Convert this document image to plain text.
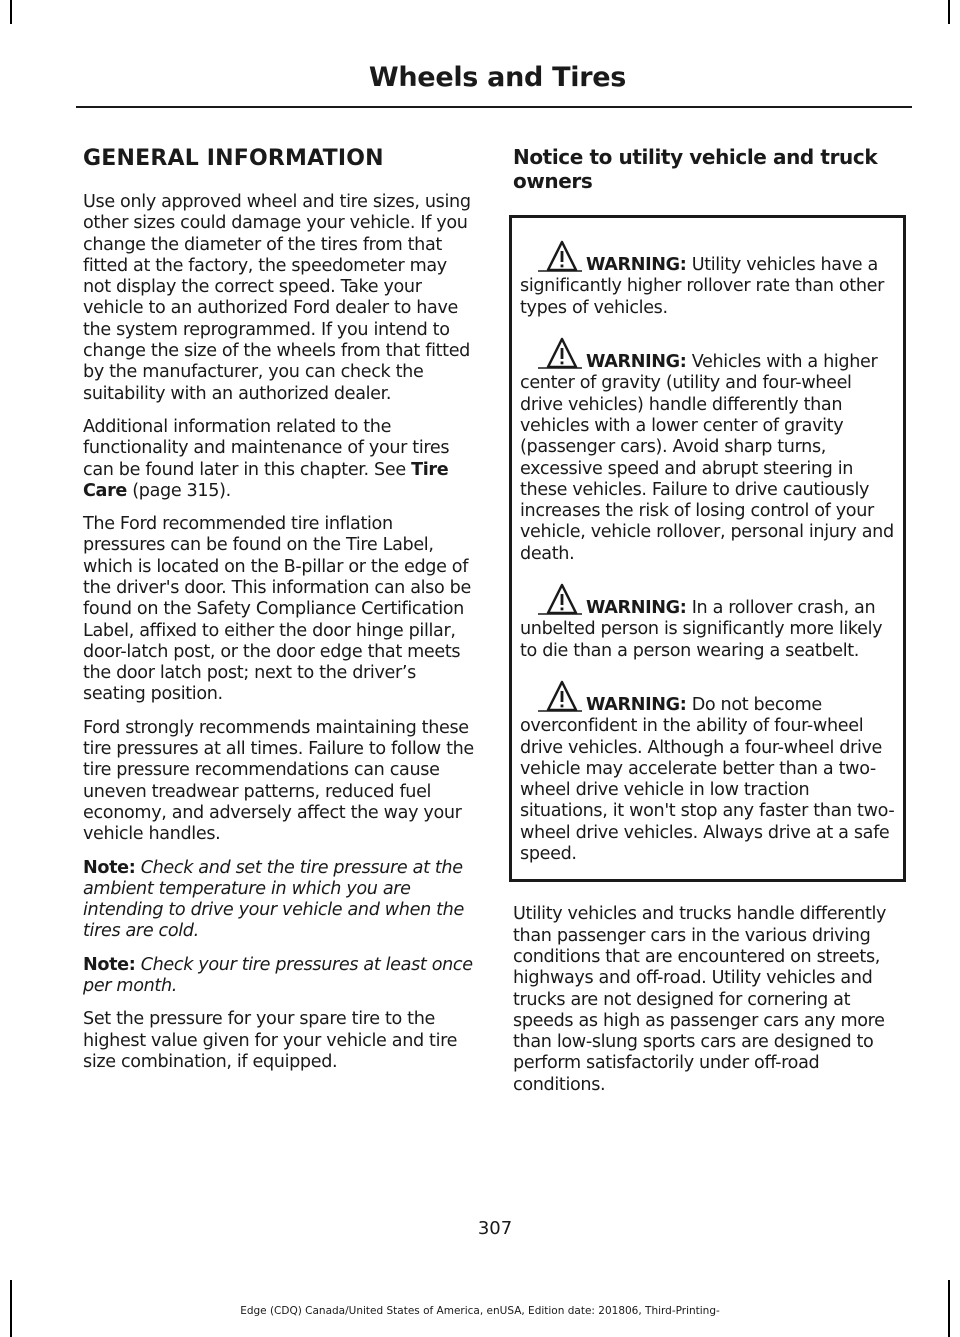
Wheels and Tires
GENERAL INFORMATION

Use only approved wheel and tire sizes, using other sizes could damage your vehicle. If you change the diameter of the tires from that fitted at the factory, the speedometer may not display the correct speed. Take your vehicle to an authorized Ford dealer to have the system reprogrammed. If you intend to change the size of the wheels from that fitted by the manufacturer, you can check the suitability with an authorized dealer.

Additional information related to the functionality and maintenance of your tires can be found later in this chapter. See Tire Care (page 315).

The Ford recommended tire inflation pressures can be found on the Tire Label, which is located on the B-pillar or the edge of the driver's door. This information can also be found on the Safety Compliance Certification Label, affixed to either the door hinge pillar, door-latch post, or the door edge that meets the door latch post; next to the driver’s seating position.

Ford strongly recommends maintaining these tire pressures at all times. Failure to follow the tire pressure recommendations can cause uneven treadwear patterns, reduced fuel economy, and adversely affect the way your vehicle handles.

Note: Check and set the tire pressure at the ambient temperature in which you are intending to drive your vehicle and when the tires are cold.

Note: Check your tire pressures at least once per month.

Set the pressure for your spare tire to the highest value given for your vehicle and tire size combination, if equipped.

Notice to utility vehicle and truck owners

WARNING: Utility vehicles have a significantly higher rollover rate than other types of vehicles.

WARNING: Vehicles with a higher center of gravity (utility and four-wheel drive vehicles) handle differently than vehicles with a lower center of gravity (passenger cars). Avoid sharp turns, excessive speed and abrupt steering in these vehicles. Failure to drive cautiously increases the risk of losing control of your vehicle, vehicle rollover, personal injury and death.

WARNING: In a rollover crash, an unbelted person is significantly more likely to die than a person wearing a seatbelt.

WARNING: Do not become overconfident in the ability of four-wheel drive vehicles. Although a four-wheel drive vehicle may accelerate better than a two-wheel drive vehicle in low traction situations, it won't stop any faster than two-wheel drive vehicles. Always drive at a safe speed.

Utility vehicles and trucks handle differently than passenger cars in the various driving conditions that are encountered on streets, highways and off-road. Utility vehicles and trucks are not designed for cornering at speeds as high as passenger cars any more than low-slung sports cars are designed to perform satisfactorily under off-road conditions.

307
Edge (CDQ) Canada/United States of America, enUSA, Edition date: 201806, Third-Printing-
